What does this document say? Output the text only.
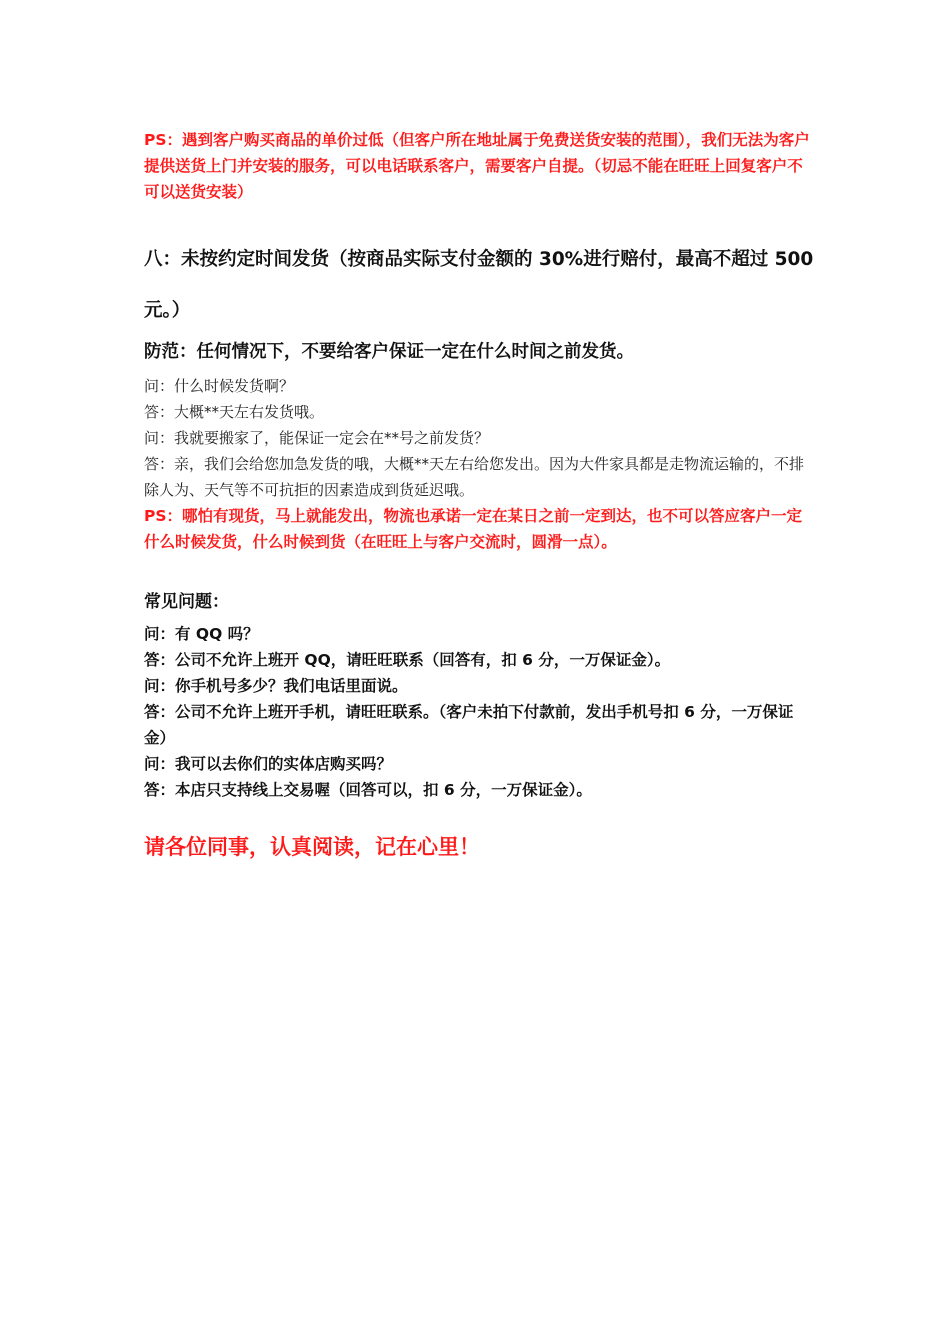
PS：遇到客户购买商品的单价过低（但客户所在地址属于免费送货安装的范围），我们无法为客户提供送货上门并安装的服务，可以电话联系客户，需要客户自提。（切忌不能在旺旺上回复客户不可以送货安装）

八：未按约定时间发货（按商品实际支付金额的 30%进行赔付，最高不超过 500 元。）

防范：任何情况下，不要给客户保证一定在什么时间之前发货。

问：什么时候发货啊？

答：大概**天左右发货哦。

问：我就要搬家了，能保证一定会在**号之前发货？

答：亲，我们会给您加急发货的哦，大概**天左右给您发出。因为大件家具都是走物流运输的，不排除人为、天气等不可抗拒的因素造成到货延迟哦。

PS：哪怕有现货，马上就能发出，物流也承诺一定在某日之前一定到达，也不可以答应客户一定什么时候发货，什么时候到货（在旺旺上与客户交流时，圆滑一点）。

常见问题：

问：有 QQ 吗？

答：公司不允许上班开 QQ，请旺旺联系（回答有，扣 6 分，一万保证金）。

问：你手机号多少？我们电话里面说。

答：公司不允许上班开手机，请旺旺联系。（客户未拍下付款前，发出手机号扣 6 分，一万保证金）

问：我可以去你们的实体店购买吗？

答：本店只支持线上交易喔（回答可以，扣 6 分，一万保证金）。

请各位同事，认真阅读，记在心里！
